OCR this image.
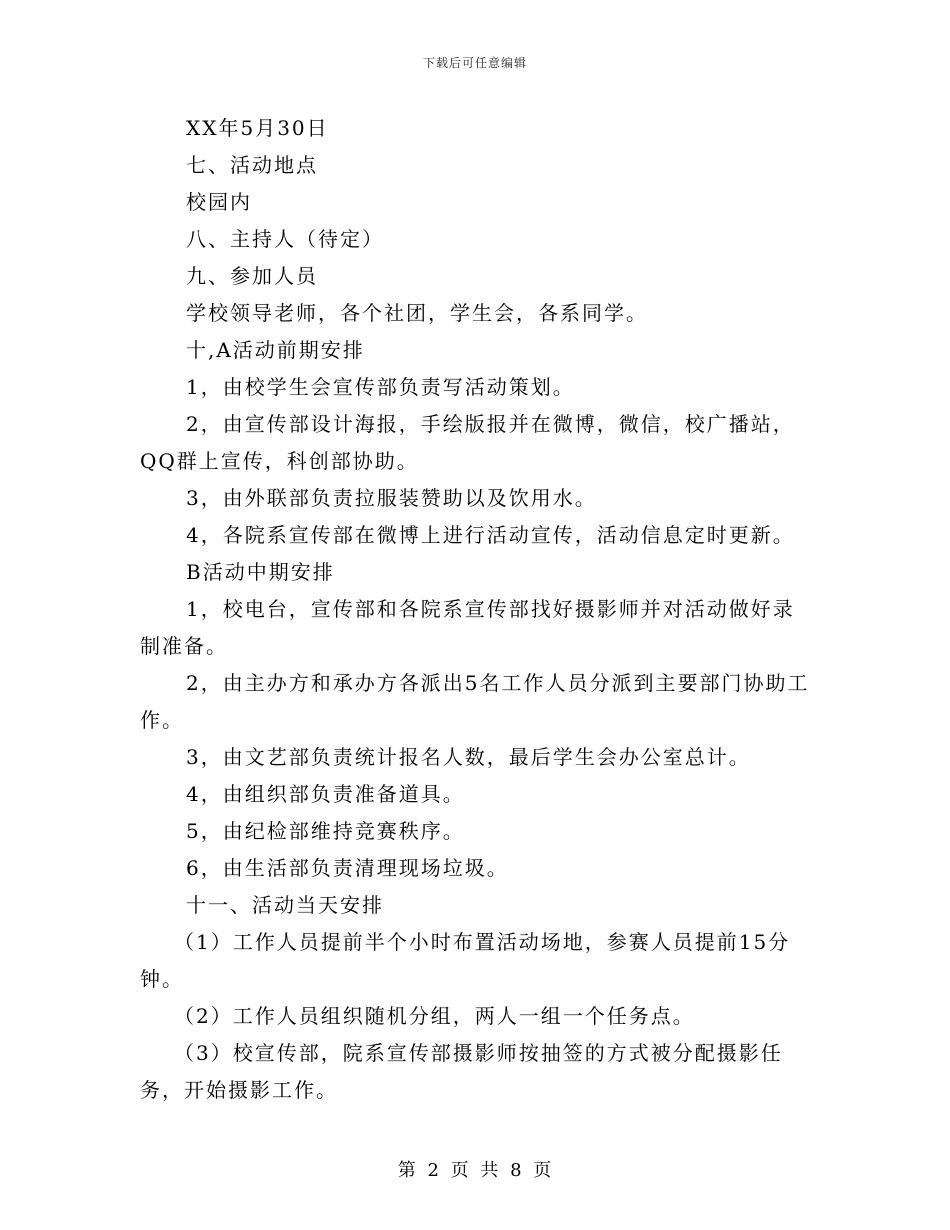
下载后可任意编辑

XX年5月30日

七、活动地点

校园内

八、主持人（待定）

九、参加人员

学校领导老师，各个社团，学生会，各系同学。

十,A活动前期安排

1，由校学生会宣传部负责写活动策划。

2，由宣传部设计海报，手绘版报并在微博，微信，校广播站，QQ群上宣传，科创部协助。

3，由外联部负责拉服装赞助以及饮用水。

4，各院系宣传部在微博上进行活动宣传，活动信息定时更新。

B活动中期安排

1，校电台，宣传部和各院系宣传部找好摄影师并对活动做好录制准备。

2，由主办方和承办方各派出5名工作人员分派到主要部门协助工作。

3，由文艺部负责统计报名人数，最后学生会办公室总计。

4，由组织部负责准备道具。

5，由纪检部维持竞赛秩序。

6，由生活部负责清理现场垃圾。

十一、活动当天安排

（1）工作人员提前半个小时布置活动场地，参赛人员提前15分钟。

（2）工作人员组织随机分组，两人一组一个任务点。

（3）校宣传部，院系宣传部摄影师按抽签的方式被分配摄影任务，开始摄影工作。

第 2 页 共 8 页
